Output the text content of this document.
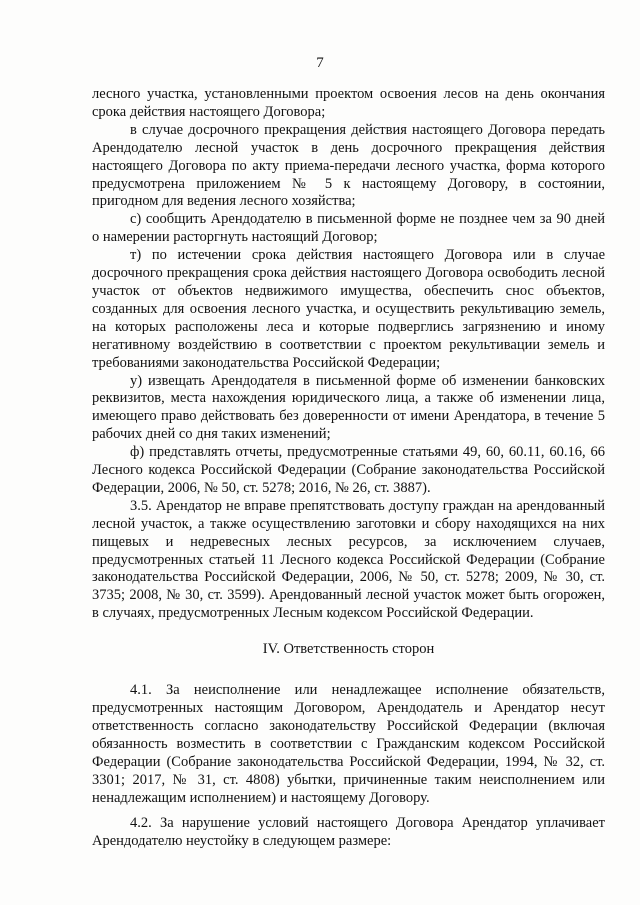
7

лесного участка, установленными проектом освоения лесов на день окончания срока действия настоящего Договора;

в случае досрочного прекращения действия настоящего Договора передать Арендодателю лесной участок в день досрочного прекращения действия настоящего Договора по акту приема-передачи лесного участка, форма которого предусмотрена приложением № 5 к настоящему Договору, в состоянии, пригодном для ведения лесного хозяйства;

с) сообщить Арендодателю в письменной форме не позднее чем за 90 дней о намерении расторгнуть настоящий Договор;

т) по истечении срока действия настоящего Договора или в случае досрочного прекращения срока действия настоящего Договора освободить лесной участок от объектов недвижимого имущества, обеспечить снос объектов, созданных для освоения лесного участка, и осуществить рекультивацию земель, на которых расположены леса и которые подверглись загрязнению и иному негативному воздействию в соответствии с проектом рекультивации земель и требованиями законодательства Российской Федерации;

у) извещать Арендодателя в письменной форме об изменении банковских реквизитов, места нахождения юридического лица, а также об изменении лица, имеющего право действовать без доверенности от имени Арендатора, в течение 5 рабочих дней со дня таких изменений;

ф) представлять отчеты, предусмотренные статьями 49, 60, 60.11, 60.16, 66 Лесного кодекса Российской Федерации (Собрание законодательства Российской Федерации, 2006, № 50, ст. 5278; 2016, № 26, ст. 3887).

3.5. Арендатор не вправе препятствовать доступу граждан на арендованный лесной участок, а также осуществлению заготовки и сбору находящихся на них пищевых и недревесных лесных ресурсов, за исключением случаев, предусмотренных статьей 11 Лесного кодекса Российской Федерации (Собрание законодательства Российской Федерации, 2006, № 50, ст. 5278; 2009, № 30, ст. 3735; 2008, № 30, ст. 3599). Арендованный лесной участок может быть огорожен, в случаях, предусмотренных Лесным кодексом Российской Федерации.

IV. Ответственность сторон

4.1. За неисполнение или ненадлежащее исполнение обязательств, предусмотренных настоящим Договором, Арендодатель и Арендатор несут ответственность согласно законодательству Российской Федерации (включая обязанность возместить в соответствии с Гражданским кодексом Российской Федерации (Собрание законодательства Российской Федерации, 1994, № 32, ст. 3301; 2017, № 31, ст. 4808) убытки, причиненные таким неисполнением или ненадлежащим исполнением) и настоящему Договору.

4.2. За нарушение условий настоящего Договора Арендатор уплачивает Арендодателю неустойку в следующем размере:
